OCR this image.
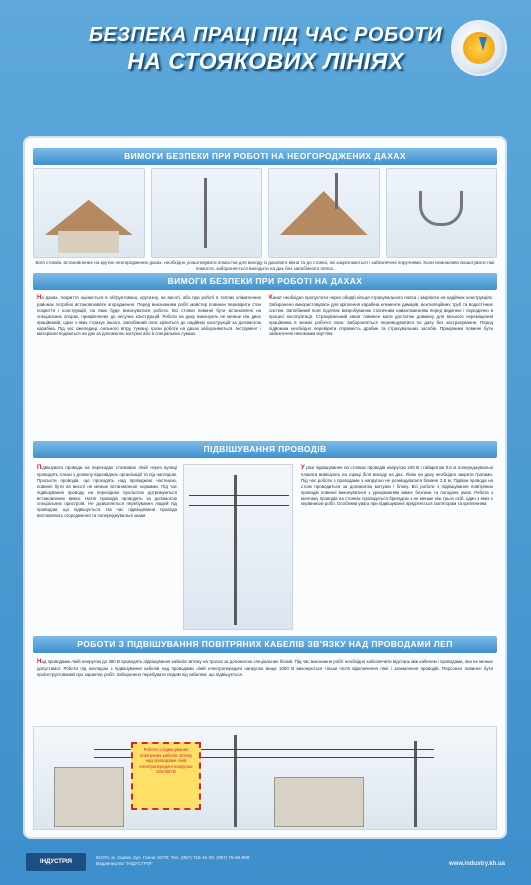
БЕЗПЕКА ПРАЦІ ПІД ЧАС РОБОТИ
НА СТОЯКОВИХ ЛІНІЯХ
ВИМОГИ БЕЗПЕКИ ПРИ РОБОТІ НА НЕОГОРОДЖЕНИХ ДАХАХ
Біля стояків, встановлених на крутих неогороджених дахах, необхідно улаштовувати помостки для виходу із дахового вікна та до стояка, які закріплюються і забезпечені поручнями. Коли неможливо влаштувати такі помости, забороняється виходити на дах без запобіжного пояса.
ВИМОГИ БЕЗПЕКИ ПРИ РОБОТІ НА ДАХАХ
На дахах, покриття оцінюється в обґрунтовано, крутизну, на висоті, або при роботі в теплих кліматичних районах потрібно встановлювати огородження. Перед виконанням робіт майстер повинен перевірити стан покриття і конструкцій, на яких буде виконуватися робота. Всі стояки повинні бути встановлені на спеціальних опорах, прикріплених до несучих конструкцій. Роботи на даху виконують не менше ніж двоє працівників, один з яких страхує іншого. Запобіжний пояс кріпиться до надійних конструкцій за допомогою карабіна. Під час ожеледиці, сильного вітру, туману, грози роботи на дахах забороняються. Інструмент і матеріали подаються на дах за допомогою мотузки або в спеціальних сумках.
Канат необхідно пропустити через обидві кільця страхувального пояса і закріпити на надійних конструкціях. Заборонено використовувати для кріплення карабіна елементи димарів, вентиляційних труб та водостічних систем. Запобіжний пояс підлягає випробуванню статичним навантаженням перед видачею і періодично в процесі експлуатації. Страхувальний канат повинен мати достатню довжину для вільного переміщення працівника в межах робочої зони. Забороняється переміщуватися по даху без застрахування. Перед підйомом необхідно перевірити справність драбин та страхувальних засобів. Працівники повинні бути забезпечені нековзким взуттям.
ПІДВІШУВАННЯ ПРОВОДІВ
Підвішувати провода на переходах стоякових ліній через вулиці проводять тільки з дозволу відповідних організацій та під наглядом. Прольоти проводів, що проходять над проїжджою частиною, повинні бути на висоті не менше встановленої нормами. Під час підвішування проводу на перехідних прольотах дотримуються встановлених вимог. Натяг проводів проводять за допомогою спеціальних пристроїв. Не дозволяється перебування людей під проводом, що підвішується. На час підвішування провода виставляють огородження та попереджувальні знаки.
У разі підвішування на стояках проводів напругою 240 В і габаритом 0,6 м попереджувальні плакати вивішують на гориці біля виходу на дах. Лінію на даху необхідно закрити ґратами. Під час роботи з проводами з напругою не розміщуватися ближче 2,5 м. Підйом провода на стояк проводиться за допомогою мотузки і блоку. Всі роботи з підвішування повітряних проводів повинні виконуватися з урахуванням вимог безпеки та погодних умов. Робота з монтажу проводів на стояках проводиться бригадою з не менше ніж трьох осіб, один з яких є керівником робіт. Особлива увага при підвішуванні приділяється ізоляторам та кріпленням.
РОБОТИ З ПІДВІШУВАННЯ ПОВІТРЯНИХ КАБЕЛІВ ЗВ'ЯЗКУ НАД ПРОВОДАМИ ЛЕП
Над проводами ліній напругою до 380 В проводять підвішування кабелів зв'язку на тросах за допомогою спеціальних блоків. Під час виконання робіт необхідно забезпечити відстань між кабелем і проводами, яка не менше допустимої. Роботи під наглядом з підвішування кабелів над проводами ліній електропередачі напругою вище 1000 В виконуються тільки після відключення лінії і заземлення проводів. Персонал повинен бути проінструктований про характер робіт. Заборонено перебувати людям під кабелем, що підвішується.
Роботи з підвішування повітряних кабелів зв'язку над проводами ліній електропередачі напругою 220/380 В
ІНДУСТРІЯ
61070, м. Харків, вул. Ганни 10/70; Тел. (057) 715-41-30, (057) 75-65-808
Видавництво "ІНДУСТРІЯ"	www.industry.kh.ua
